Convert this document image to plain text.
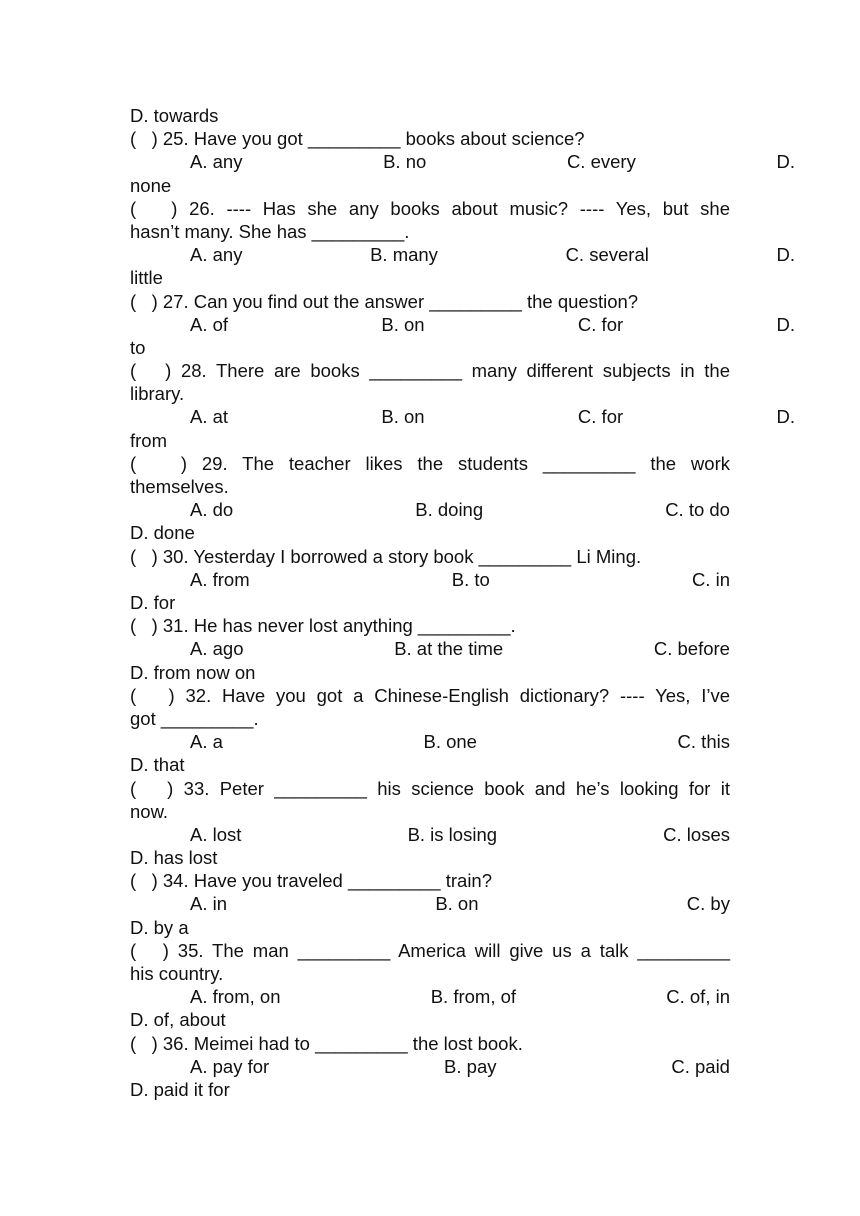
D. towards
(   ) 25. Have you got _________ books about science?
A. any	B. no	C. every	D.
none
(   ) 26. ---- Has she any books about music? ---- Yes, but she
hasn’t many. She has _________.
A. any	B. many	C. several	D.
little
(   ) 27. Can you find out the answer _________ the question?
A. of	B. on	C. for	D.
to
(   ) 28. There are books _________ many different subjects in the
library.
A. at	B. on	C. for	D.
from
(   ) 29. The teacher likes the students _________ the work
themselves.
A. do	B. doing	C. to do
D. done
(   ) 30. Yesterday I borrowed a story book _________ Li Ming.
A. from	B. to	C. in
D. for
(   ) 31. He has never lost anything _________.
A. ago	B. at the time	C. before
D. from now on
(   ) 32. Have you got a Chinese-English dictionary? ---- Yes, I’ve
got _________.
A. a	B. one	C. this
D. that
(   ) 33. Peter _________ his science book and he’s looking for it
now.
A. lost	B. is losing	C. loses
D. has lost
(   ) 34. Have you traveled _________ train?
A. in	B. on	C. by
D. by a
(   ) 35. The man _________ America will give us a talk _________
his country.
A. from, on	B. from, of	C. of, in
D. of, about
(   ) 36. Meimei had to _________ the lost book.
A. pay for	B. pay	C. paid
D. paid it for
